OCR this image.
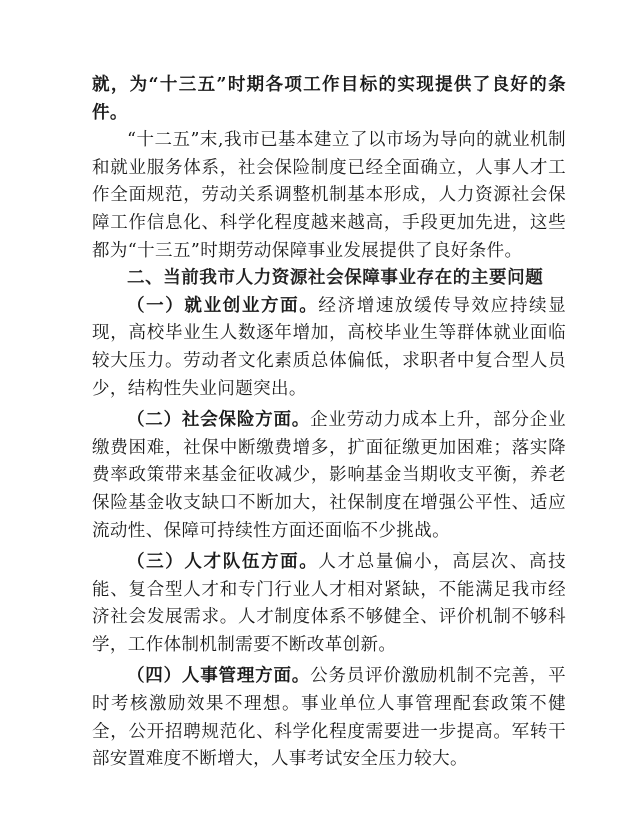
就，为“十三五”时期各项工作目标的实现提供了良好的条件。

“十二五”末,我市已基本建立了以市场为导向的就业机制和就业服务体系，社会保险制度已经全面确立，人事人才工作全面规范，劳动关系调整机制基本形成，人力资源社会保障工作信息化、科学化程度越来越高，手段更加先进，这些都为“十三五”时期劳动保障事业发展提供了良好条件。

二、当前我市人力资源社会保障事业存在的主要问题

（一）就业创业方面。经济增速放缓传导效应持续显现，高校毕业生人数逐年增加，高校毕业生等群体就业面临较大压力。劳动者文化素质总体偏低，求职者中复合型人员少，结构性失业问题突出。

（二）社会保险方面。企业劳动力成本上升，部分企业缴费困难，社保中断缴费增多，扩面征缴更加困难；落实降费率政策带来基金征收减少，影响基金当期收支平衡，养老保险基金收支缺口不断加大，社保制度在增强公平性、适应流动性、保障可持续性方面还面临不少挑战。

（三）人才队伍方面。人才总量偏小，高层次、高技能、复合型人才和专门行业人才相对紧缺，不能满足我市经济社会发展需求。人才制度体系不够健全、评价机制不够科学，工作体制机制需要不断改革创新。

（四）人事管理方面。公务员评价激励机制不完善，平时考核激励效果不理想。事业单位人事管理配套政策不健全，公开招聘规范化、科学化程度需要进一步提高。军转干部安置难度不断增大，人事考试安全压力较大。
